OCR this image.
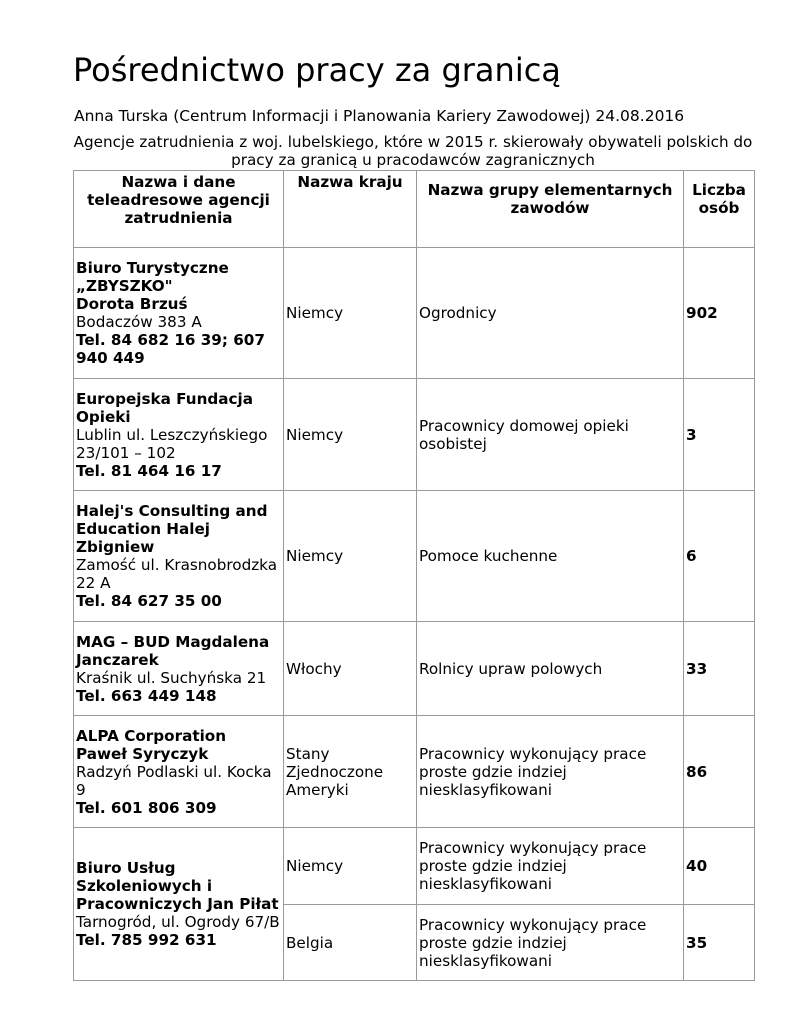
Pośrednictwo pracy za granicą

Anna Turska (Centrum Informacji i Planowania Kariery Zawodowej) 24.08.2016

Agencje zatrudnienia z woj. lubelskiego, które w 2015 r. skierowały obywateli polskich do pracy za granicą u pracodawców zagranicznych

Nazwa i dane teleadresowe agencji zatrudnienia	Nazwa kraju	Nazwa grupy elementarnych zawodów	Liczba osób

Biuro Turystyczne „ZBYSZKO"
Dorota Brzuś
Bodaczów 383 A
Tel. 84 682 16 39; 607 940 449	Niemcy	Ogrodnicy	902

Europejska Fundacja Opieki
Lublin ul. Leszczyńskiego 23/101 – 102
Tel. 81 464 16 17	Niemcy	Pracownicy domowej opieki osobistej	3

Halej's Consulting and Education Halej Zbigniew
Zamość ul. Krasnobrodzka 22 A
Tel. 84 627 35 00	Niemcy	Pomoce kuchenne	6

MAG – BUD Magdalena Janczarek
Kraśnik ul. Suchyńska 21
Tel. 663 449 148	Włochy	Rolnicy upraw polowych	33

ALPA Corporation Paweł Syryczyk
Radzyń Podlaski ul. Kocka 9
Tel. 601 806 309	Stany Zjednoczone Ameryki	Pracownicy wykonujący prace proste gdzie indziej niesklasyfikowani	86

Biuro Usług Szkoleniowych i Pracowniczych Jan Piłat
Tarnogród, ul. Ogrody 67/B
Tel. 785 992 631	Niemcy	Pracownicy wykonujący prace proste gdzie indziej niesklasyfikowani	40
	Belgia	Pracownicy wykonujący prace proste gdzie indziej niesklasyfikowani	35
